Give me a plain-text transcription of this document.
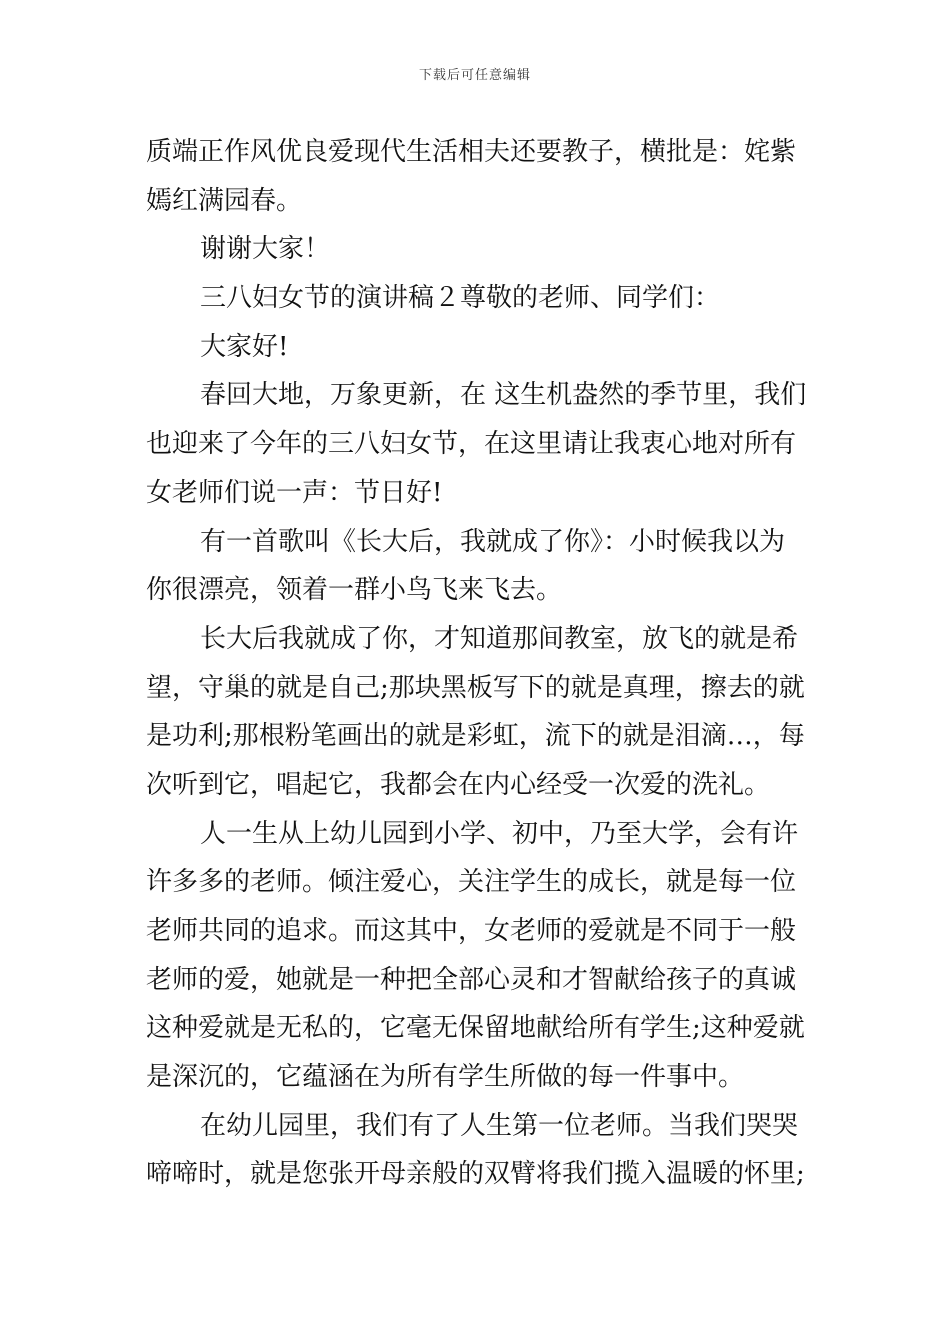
下载后可任意编辑
质端正作风优良爱现代生活相夫还要教子，横批是：姹紫
嫣红满园春。
谢谢大家！
三八妇女节的演讲稿２尊敬的老师、同学们：
大家好!
春回大地，万象更新，在 这生机盎然的季节里，我们
也迎来了今年的三八妇女节，在这里请让我衷心地对所有
女老师们说一声：节日好!
有一首歌叫《长大后，我就成了你》：小时候我以为
你很漂亮，领着一群小鸟飞来飞去。
长大后我就成了你，才知道那间教室，放飞的就是希
望，守巢的就是自己;那块黑板写下的就是真理，擦去的就
是功利;那根粉笔画出的就是彩虹，流下的就是泪滴…，每
次听到它，唱起它，我都会在内心经受一次爱的洗礼。
人一生从上幼儿园到小学、初中，乃至大学，会有许
许多多的老师。倾注爱心，关注学生的成长，就是每一位
老师共同的追求。而这其中，女老师的爱就是不同于一般
老师的爱，她就是一种把全部心灵和才智献给孩子的真诚
这种爱就是无私的，它毫无保留地献给所有学生;这种爱就
是深沉的，它蕴涵在为所有学生所做的每一件事中。
在幼儿园里，我们有了人生第一位老师。当我们哭哭
啼啼时，就是您张开母亲般的双臂将我们揽入温暖的怀里;
